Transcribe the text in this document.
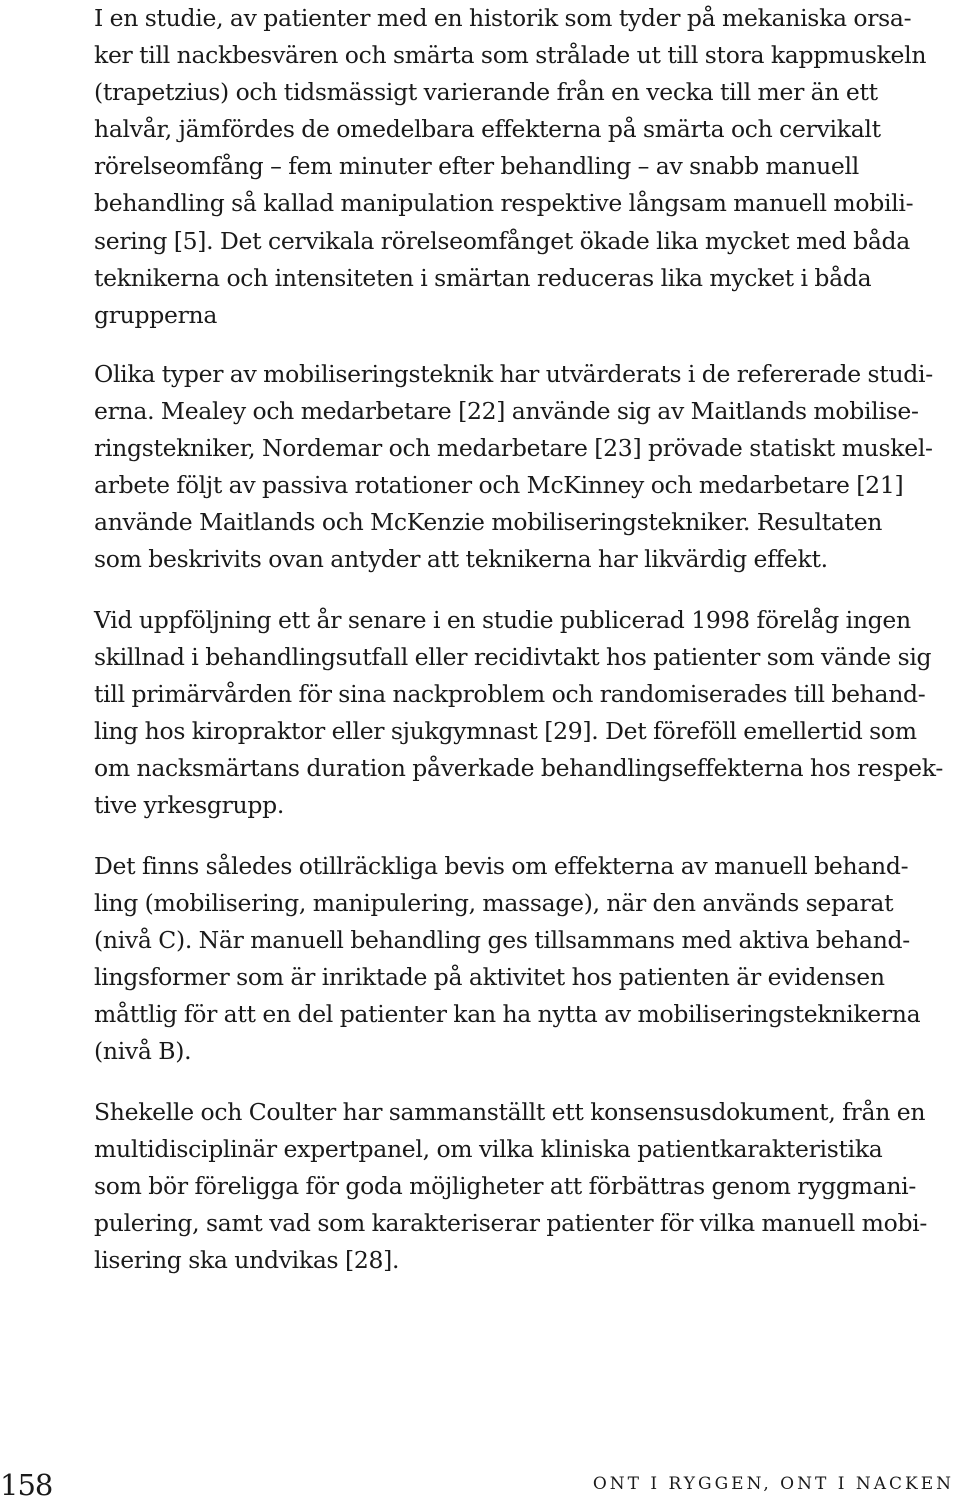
I en studie, av patienter med en historik som tyder på mekaniska orsa-
ker till nackbesvären och smärta som strålade ut till stora kappmuskeln
(trapetzius) och tidsmässigt varierande från en vecka till mer än ett
halvår, jämfördes de omedelbara effekterna på smärta och cervikalt
rörelseomfång – fem minuter efter behandling – av snabb manuell
behandling så kallad manipulation respektive långsam manuell mobili-
sering [5]. Det cervikala rörelseomfånget ökade lika mycket med båda
teknikerna och intensiteten i smärtan reduceras lika mycket i båda
grupperna

Olika typer av mobiliseringsteknik har utvärderats i de refererade studi-
erna. Mealey och medarbetare [22] använde sig av Maitlands mobilise-
ringstekniker, Nordemar och medarbetare [23] prövade statiskt muskel-
arbete följt av passiva rotationer och McKinney och medarbetare [21]
använde Maitlands och McKenzie mobiliseringstekniker. Resultaten
som beskrivits ovan antyder att teknikerna har likvärdig effekt.

Vid uppföljning ett år senare i en studie publicerad 1998 förelåg ingen
skillnad i behandlingsutfall eller recidivtakt hos patienter som vände sig
till primärvården för sina nackproblem och randomiserades till behand-
ling hos kiropraktor eller sjukgymnast [29]. Det föreföll emellertid som
om nacksmärtans duration påverkade behandlingseffekterna hos respek-
tive yrkesgrupp.

Det finns således otillräckliga bevis om effekterna av manuell behand-
ling (mobilisering, manipulering, massage), när den används separat
(nivå C). När manuell behandling ges tillsammans med aktiva behand-
lingsformer som är inriktade på aktivitet hos patienten är evidensen
måttlig för att en del patienter kan ha nytta av mobiliseringsteknikerna
(nivå B).

Shekelle och Coulter har sammanställt ett konsensusdokument, från en
multidisciplinär expertpanel, om vilka kliniska patientkarakteristika
som bör föreligga för goda möjligheter att förbättras genom ryggmani-
pulering, samt vad som karakteriserar patienter för vilka manuell mobi-
lisering ska undvikas [28].

158	ONT I RYGGEN, ONT I NACKEN
